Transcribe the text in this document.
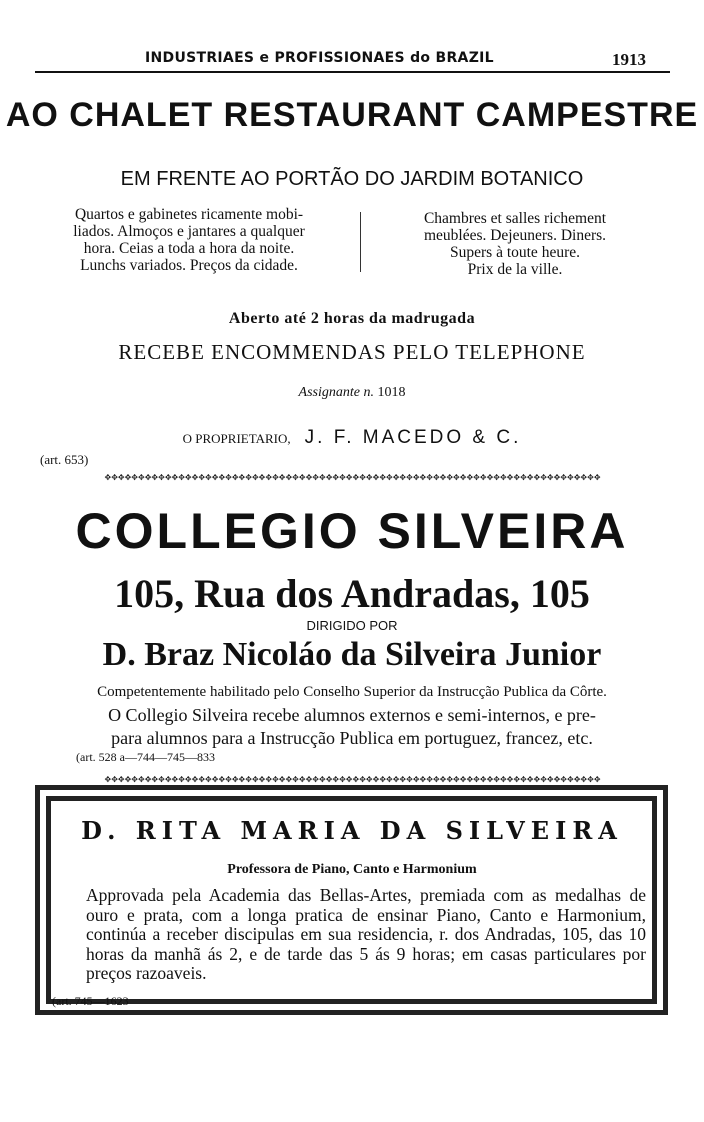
INDUSTRIAES e PROFISSIONAES do BRAZIL	1913
AO CHALET RESTAURANT CAMPESTRE
EM FRENTE AO PORTÃO DO JARDIM BOTANICO
Quartos e gabinetes ricamente mobi-
liados. Almoços e jantares a qualquer
hora. Ceias a toda a hora da noite.
Lunchs variados. Preços da cidade.
Chambres et salles richement
meublées. Dejeuners. Diners.
Supers à toute heure.
Prix de la ville.
Aberto até 2 horas da madrugada
RECEBE ENCOMMENDAS PELO TELEPHONE
Assignante n. 1018
O PROPRIETARIO, J. F. MACEDO & C.
(art. 653)
✥✥✥✥✥✥✥✥✥✥✥✥✥✥✥✥✥✥✥✥✥✥✥✥✥✥✥✥✥✥✥✥✥✥✥✥✥✥✥✥✥✥✥✥✥✥✥✥✥✥✥✥✥✥✥✥✥✥✥✥✥✥✥✥✥✥✥✥✥✥✥✥✥✥
COLLEGIO SILVEIRA
105, Rua dos Andradas, 105
DIRIGIDO POR
D. Braz Nicoláo da Silveira Junior
Competentemente habilitado pelo Conselho Superior da Instrucção Publica da Côrte.
O Collegio Silveira recebe alumnos externos e semi-internos, e pre-
para alumnos para a Instrucção Publica em portuguez, francez, etc.
(art. 528 a—744—745—833
✥✥✥✥✥✥✥✥✥✥✥✥✥✥✥✥✥✥✥✥✥✥✥✥✥✥✥✥✥✥✥✥✥✥✥✥✥✥✥✥✥✥✥✥✥✥✥✥✥✥✥✥✥✥✥✥✥✥✥✥✥✥✥✥✥✥✥✥✥✥✥✥✥✥
D. RITA MARIA DA SILVEIRA
Professora de Piano, Canto e Harmonium
Approvada pela Academia das Bellas-Artes, premiada com as medalhas de ouro e prata, com a longa pratica de ensinar Piano, Canto e Harmonium, continúa a receber discipulas em sua residencia, r. dos Andradas, 105, das 10 horas da manhã ás 2, e de tarde das 5 ás 9 horas; em casas particulares por preços razoaveis.
(art. 745—1623
